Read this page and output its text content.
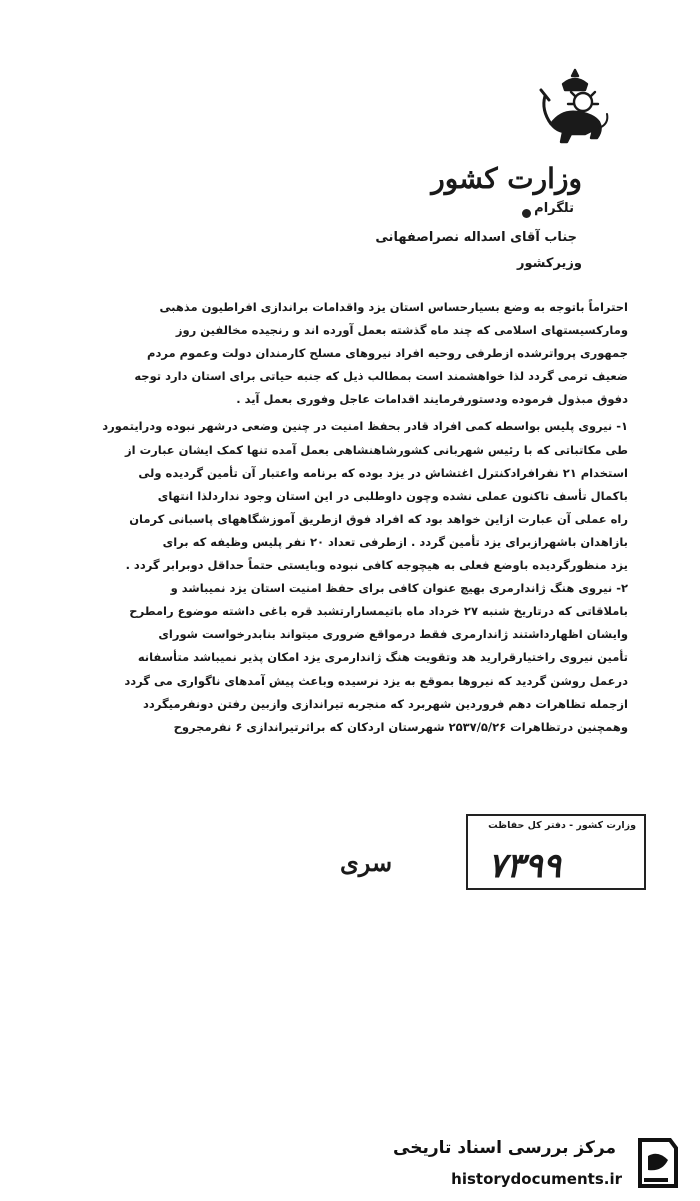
وزارت کشور
تلگرام
جناب آقای اسداله نصراصفهانی
وزیرکشور

احتراماً باتوجه به وضع بسیارحساس استان یزد واقدامات براندازی افراطیون مذهبی

وماركسيستهاى اسلامى كه چند ماه گذشته بعمل آورده اند و رنجيده مخالفين روز

جمهوری پرواترشده ازطرفی روحیه افراد نیروهای مسلح کارمندان دولت وعموم مردم

ضعیف ترمی گردد لذا خواهشمند است بمطالب ذیل که جنبه حیاتی برای استان دارد توجه

دفوق مبذول فرموده ودستورفرمایند اقدامات عاجل وفوری بعمل آید .

۱- نیروی پلیس بواسطه کمی افراد قادر بحفظ امنیت در چنین وضعی درشهر نبوده ودرایتمورد

طی مکاتباتی که با رئیس شهربانی کشورشاهنشاهی بعمل آمده تنها کمک ایشان عبارت از

استخدام ۲۱ نفرافرادکنترل اغتشاش در یزد بوده که برنامه واعتبار آن تأمین گردیده ولی

باکمال تأسف تاکنون عملی نشده وچون داوطلبی در این استان وجود نداردلذا انتهای

راه عملی آن عبارت ازاین خواهد بود که افراد فوق ازطریق آموزشگاههای پاسبانی کرمان

بازاهدان باشهرازبرای یزد تأمین گردد . ازطرفی تعداد ۲۰ نفر پلیس وظیفه که برای

یزد منظورگردیده باوضع فعلی به هیچوجه کافی نبوده وبایستی حتماً حداقل دوبرابر گردد .

۲- نیروی هنگ ژاندارمری بهیچ عنوان کافی برای حفظ امنیت استان یزد نمیباشد و

باملاقاتی که درتاریخ شنبه ۲۷ خرداد ماه باتیمسارارتشبد قره باغی داشته موضوع رامطرح

وایشان اظهارداشتند ژاندارمری فقط درمواقع ضروری میتواند بنابدرخواست شورای

تأمین نیروی راختیارقرارید هد وتقویت هنگ ژاندارمری یزد امکان پذیر نمیباشد متأسفانه

درعمل روشن گردید که نیروها بموقع به یزد نرسیده وباعث پیش آمدهای ناگواری می گردد

ازجمله تظاهرات دهم فروردین شهربرد که منجربه تیراندازی وازبین رفتن دونفرمیگردد

وهمچنین درتظاهرات ۲۵۳۷/۵/۲۶ شهرستان اردکان که براثرتیراندازی ۶ نفرمجروح

وزارت کشور - دفتر کل حفاظت
۷۳۹۹
سری
مرکز بررسی اسناد تاریخی
historydocuments.ir
